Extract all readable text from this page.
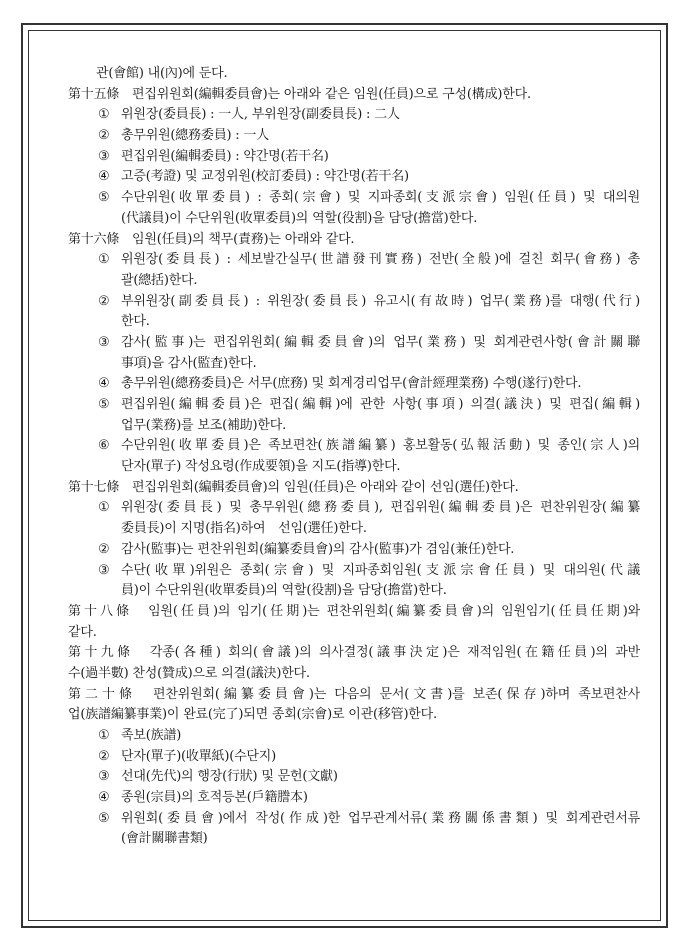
관(會館) 내(內)에 둔다.
第十五條　편집위원회(編輯委員會)는 아래와 같은 임원(任員)으로 구성(構成)한다.
① 위원장(委員長) : 一人, 부위원장(副委員長) : 二人
② 총무위원(總務委員) : 一人
③ 편집위원(編輯委員) : 약간명(若干名)
④ 고증(考證) 및 교정위원(校訂委員) : 약간명(若干名)
⑤ 수단위원(收單委員) : 종회(宗會) 및 지파종회(支派宗會) 임원(任員) 및 대의원
(代議員)이 수단위원(收單委員)의 역할(役割)을 담당(擔當)한다.
第十六條　임원(任員)의 책무(責務)는 아래와 같다.
① 위원장(委員長) : 세보발간실무(世譜發刊實務) 전반(全般)에 걸친 회무(會務) 총
괄(總括)한다.
② 부위원장(副委員長) : 위원장(委員長) 유고시(有故時) 업무(業務)를 대행(代行)
한다.
③ 감사(監事)는 편집위원회(編輯委員會)의 업무(業務) 및 회계관련사항(會計關聯
事項)을 감사(監査)한다.
④ 총무위원(總務委員)은 서무(庶務) 및 회계경리업무(會計經理業務) 수행(遂行)한다.
⑤ 편집위원(編輯委員)은 편집(編輯)에 관한 사항(事項) 의결(議決) 및 편집(編輯)
업무(業務)를 보조(補助)한다.
⑥ 수단위원(收單委員)은 족보편찬(族譜編纂) 홍보활동(弘報活動) 및 종인(宗人)의
단자(單子) 작성요령(作成要領)을 지도(指導)한다.
第十七條　편집위원회(編輯委員會)의 임원(任員)은 아래와 같이 선임(選任)한다.
① 위원장(委員長) 및 총무위원(總務委員), 편집위원(編輯委員)은 편찬위원장(編纂
委員長)이 지명(指名)하여　선임(選任)한다.
② 감사(監事)는 편찬위원회(編纂委員會)의 감사(監事)가 겸임(兼任)한다.
③ 수단(收單)위원은 종회(宗會) 및 지파종회임원(支派宗會任員) 및 대의원(代議
員)이 수단위원(收單委員)의 역할(役割)을 담당(擔當)한다.
第十八條　임원(任員)의 임기(任期)는 편찬위원회(編纂委員會)의 임원임기(任員任期)와
같다.
第十九條　각종(各種) 회의(會議)의 의사결정(議事決定)은 재적임원(在籍任員)의 과반
수(過半數) 찬성(贊成)으로 의결(議決)한다.
第二十條　편찬위원회(編纂委員會)는 다음의 문서(文書)를 보존(保存)하며 족보편찬사
업(族譜編纂事業)이 완료(完了)되면 종회(宗會)로 이관(移管)한다.
① 족보(族譜)
② 단자(單子)(收單紙)(수단지)
③ 선대(先代)의 행장(行狀) 및 문헌(文獻)
④ 종원(宗員)의 호적등본(戶籍謄本)
⑤ 위원회(委員會)에서 작성(作成)한 업무관계서류(業務關係書類) 및 회계관련서류
(會計關聯書類)
